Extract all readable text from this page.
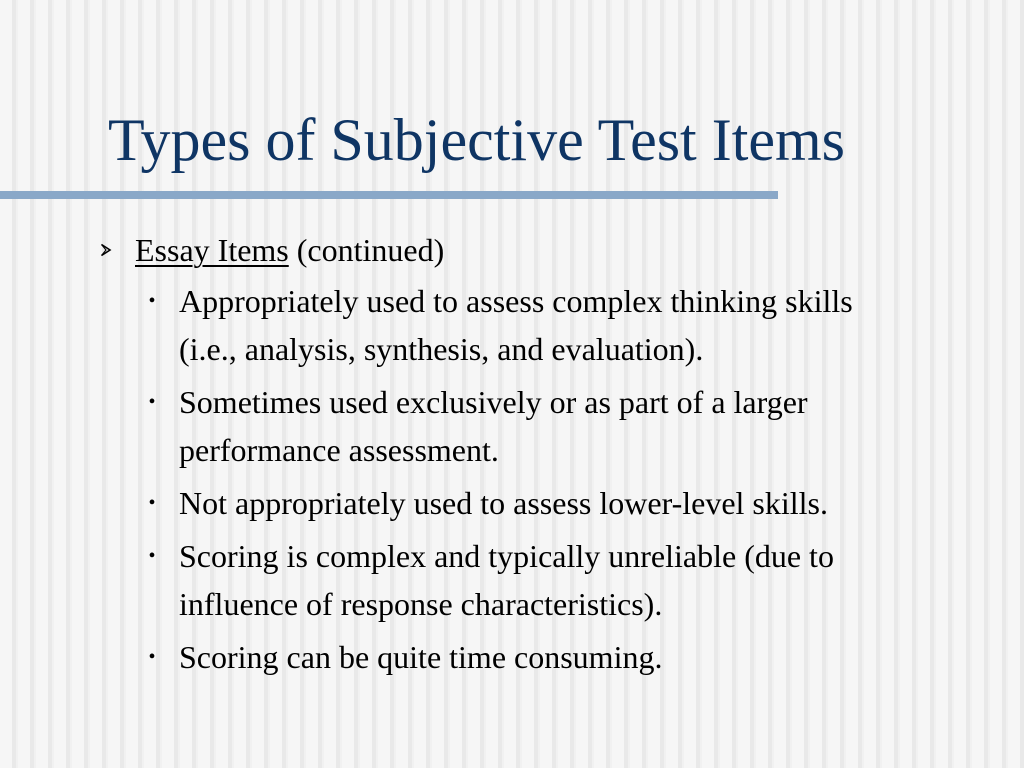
Types of Subjective Test Items
Essay Items (continued)
• Appropriately used to assess complex thinking skills
(i.e., analysis, synthesis, and evaluation).
• Sometimes used exclusively or as part of a larger
performance assessment.
• Not appropriately used to assess lower-level skills.
• Scoring is complex and typically unreliable (due to
influence of response characteristics).
• Scoring can be quite time consuming.
